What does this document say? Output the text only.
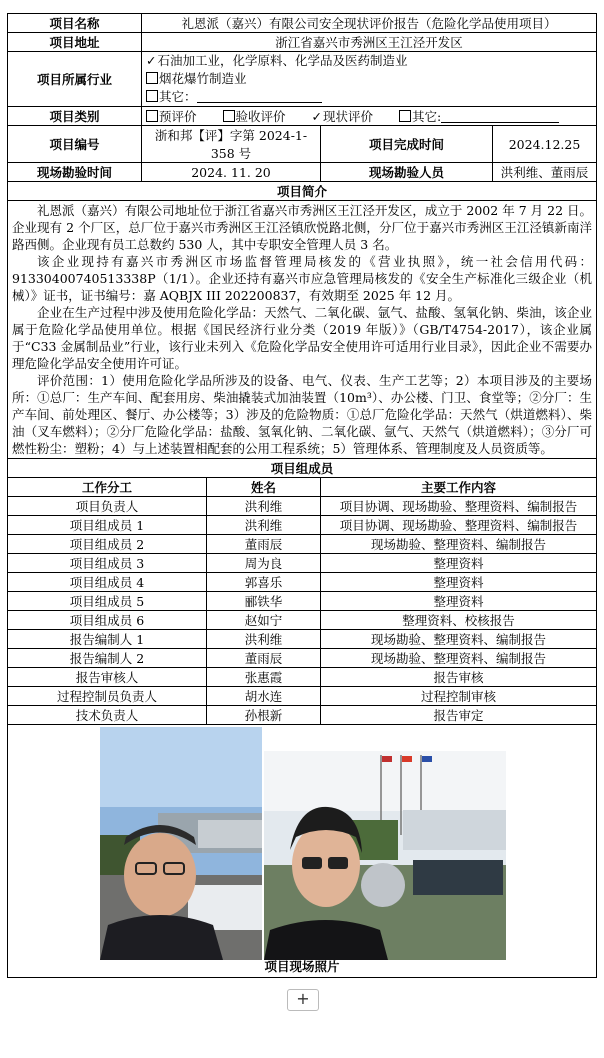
项目名称	礼恩派（嘉兴）有限公司安全现状评价报告（危险化学品使用项目）			
项目地址	浙江省嘉兴市秀洲区王江泾开发区			
项目所属行业	✓石油加工业，化学原料、化学品及医药制造业
烟花爆竹制造业
其它：			

项目类别	预评价 验收评价 ✓现状评价 其它:			
项目编号	浙和邦【评】字第 2024-1-358 号		项目完成时间	2024.12.25
现场勘验时间	2024. 11. 20		现场勘验人员	洪利维、董雨辰
项目简介				

礼恩派（嘉兴）有限公司地址位于浙江省嘉兴市秀洲区王江泾开发区，成立于 2002 年 7 月 22 日。企业现有 2 个厂区，总厂位于嘉兴市秀洲区王江泾镇欣悦路北侧，分厂位于嘉兴市秀洲区王江泾镇新南洋路西侧。企业现有员工总数约 530 人，其中专职安全管理人员 3 名。

该企业现持有嘉兴市秀洲区市场监督管理局核发的《营业执照》，统一社会信用代码：91330400740513338P（1/1）。企业还持有嘉兴市应急管理局核发的《安全生产标准化三级企业（机械）》证书，证书编号：嘉 AQBJX III 202200837，有效期至 2025 年 12 月。

企业在生产过程中涉及使用危险化学品：天然气、二氧化碳、氩气、盐酸、氢氧化钠、柴油，该企业属于危险化学品使用单位。根据《国民经济行业分类（2019 年版）》（GB/T4754-2017），该企业属于“C33 金属制品业”行业，该行业未列入《危险化学品安全使用许可适用行业目录》，因此企业不需要办理危险化学品安全使用许可证。

评价范围：1）使用危险化学品所涉及的设备、电气、仪表、生产工艺等；2）本项目涉及的主要场所：①总厂：生产车间、配套用房、柴油撬装式加油装置（10m³）、办公楼、门卫、食堂等；②分厂：生产车间、前处理区、餐厅、办公楼等；3）涉及的危险物质：①总厂危险化学品：天然气（烘道燃料）、柴油（叉车燃料）；②分厂危险化学品：盐酸、氢氧化钠、二氧化碳、氩气、天然气（烘道燃料）；③分厂可燃性粉尘：塑粉；4）与上述装置相配套的公用工程系统；5）管理体系、管理制度及人员资质等。				

项目组成员				
工作分工		姓名	主要工作内容	
项目负责人		洪利维	项目协调、现场勘验、整理资料、编制报告	
项目组成员 1		洪利维	项目协调、现场勘验、整理资料、编制报告	
项目组成员 2		董雨辰	现场勘验、整理资料、编制报告	
项目组成员 3		周为良	整理资料	
项目组成员 4		郭喜乐	整理资料	
项目组成员 5		郦铁华	整理资料	
项目组成员 6		赵如宁	整理资料、校核报告	
报告编制人 1		洪利维	现场勘验、整理资料、编制报告	
报告编制人 2		董雨辰	现场勘验、整理资料、编制报告	
报告审核人		张惠霞	报告审核	
过程控制员负责人		胡水连	过程控制审核	
技术负责人		孙根新	报告审定	

项目现场照片				
+
